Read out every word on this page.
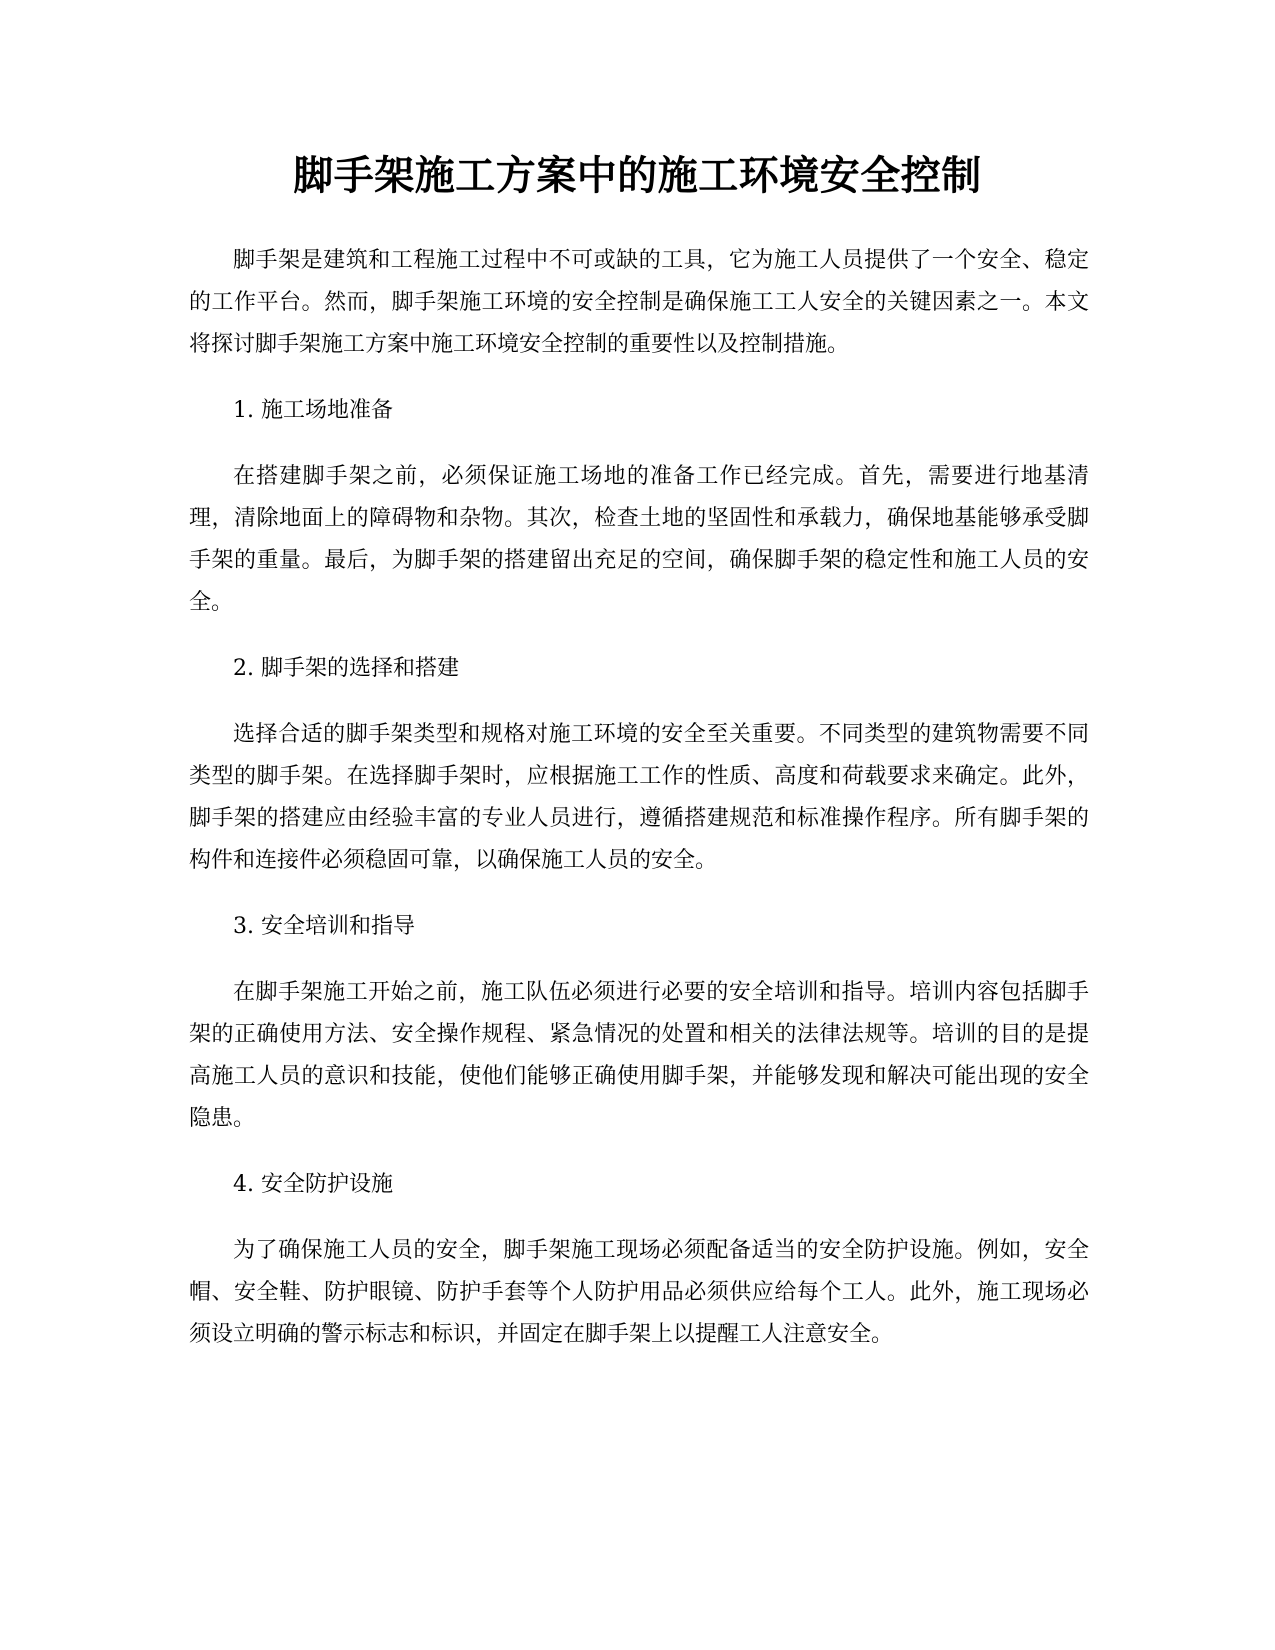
脚手架施工方案中的施工环境安全控制

脚手架是建筑和工程施工过程中不可或缺的工具，它为施工人员提供了一个安全、稳定的工作平台。然而，脚手架施工环境的安全控制是确保施工工人安全的关键因素之一。本文将探讨脚手架施工方案中施工环境安全控制的重要性以及控制措施。

1. 施工场地准备

在搭建脚手架之前，必须保证施工场地的准备工作已经完成。首先，需要进行地基清理，清除地面上的障碍物和杂物。其次，检查土地的坚固性和承载力，确保地基能够承受脚手架的重量。最后，为脚手架的搭建留出充足的空间，确保脚手架的稳定性和施工人员的安全。

2. 脚手架的选择和搭建

选择合适的脚手架类型和规格对施工环境的安全至关重要。不同类型的建筑物需要不同类型的脚手架。在选择脚手架时，应根据施工工作的性质、高度和荷载要求来确定。此外，脚手架的搭建应由经验丰富的专业人员进行，遵循搭建规范和标准操作程序。所有脚手架的构件和连接件必须稳固可靠，以确保施工人员的安全。

3. 安全培训和指导

在脚手架施工开始之前，施工队伍必须进行必要的安全培训和指导。培训内容包括脚手架的正确使用方法、安全操作规程、紧急情况的处置和相关的法律法规等。培训的目的是提高施工人员的意识和技能，使他们能够正确使用脚手架，并能够发现和解决可能出现的安全隐患。

4. 安全防护设施

为了确保施工人员的安全，脚手架施工现场必须配备适当的安全防护设施。例如，安全帽、安全鞋、防护眼镜、防护手套等个人防护用品必须供应给每个工人。此外，施工现场必须设立明确的警示标志和标识，并固定在脚手架上以提醒工人注意安全。
